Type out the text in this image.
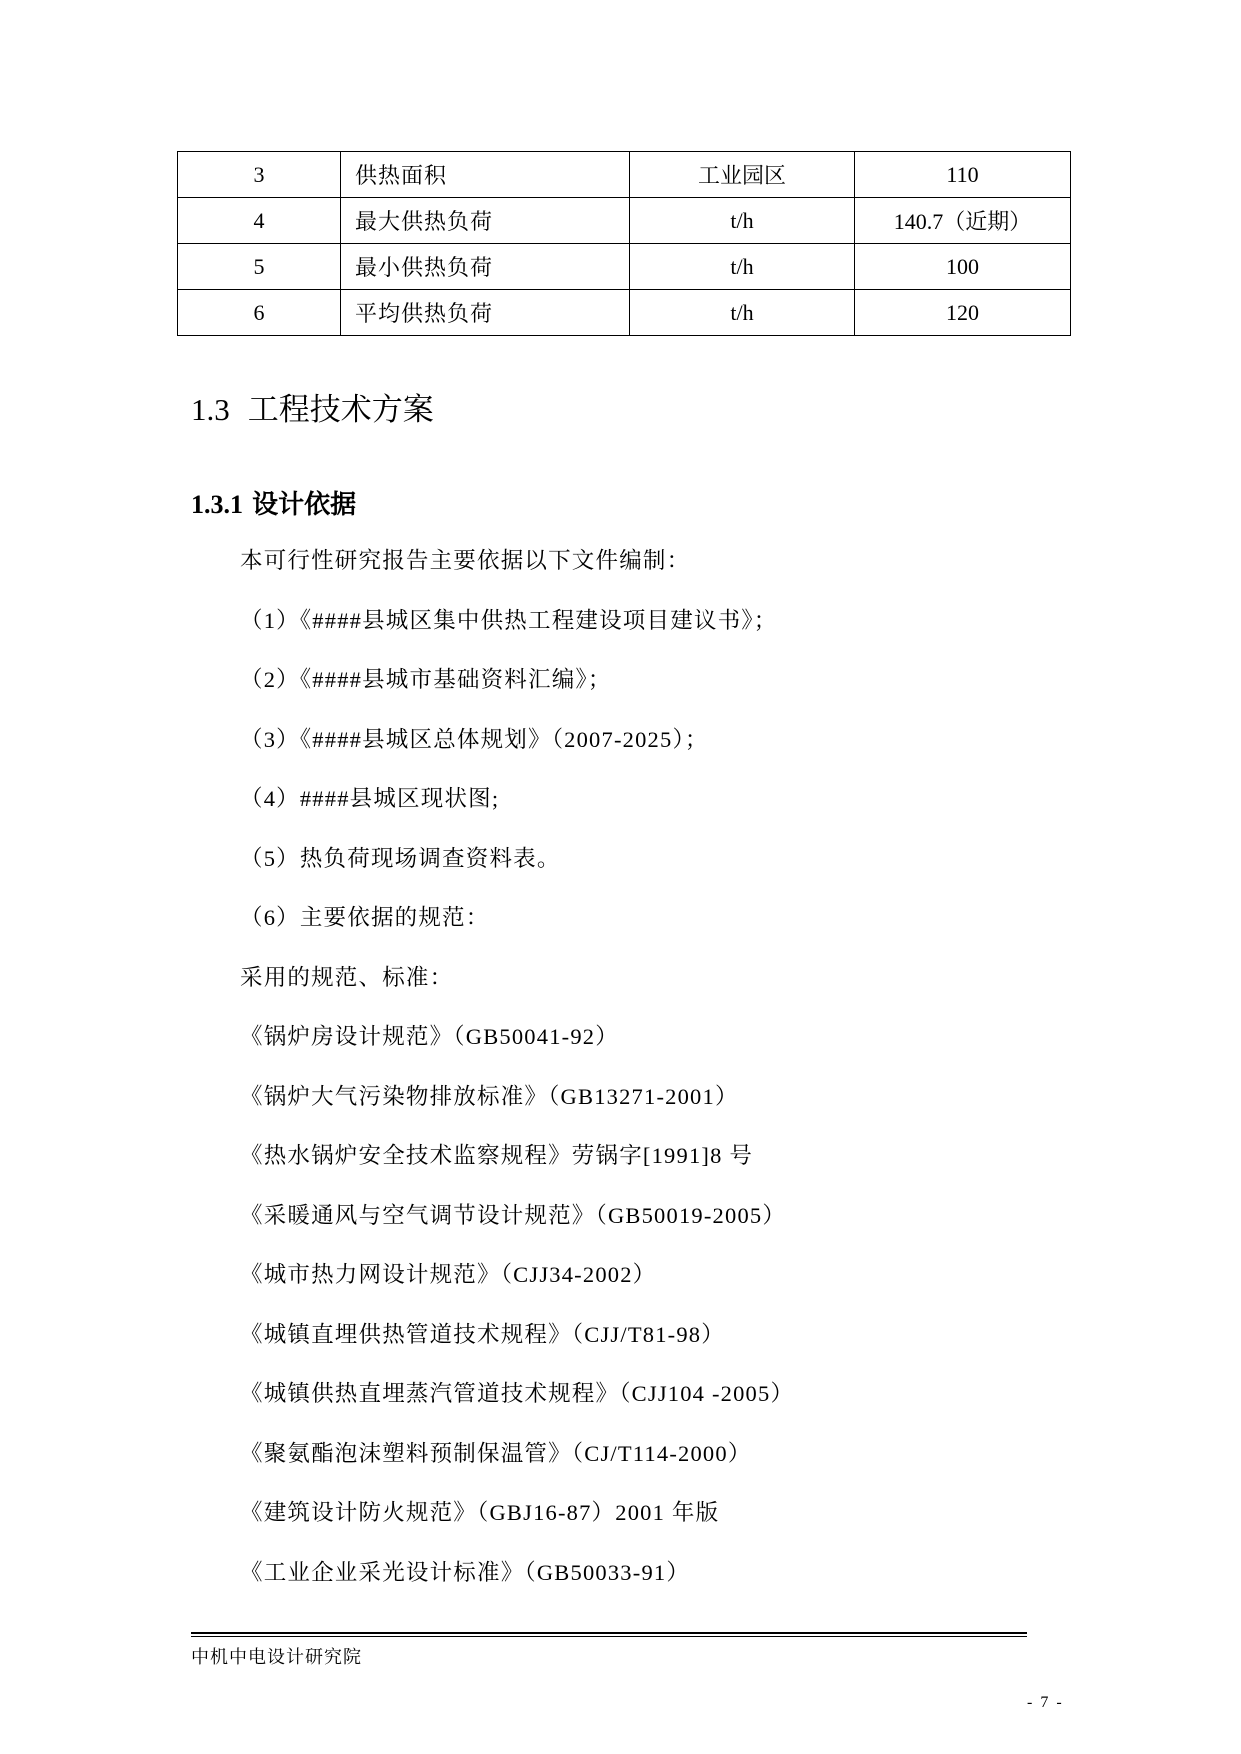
3	供热面积	工业园区	110
4	最大供热负荷	t/h	140.7（近期）
5	最小供热负荷	t/h	100
6	平均供热负荷	t/h	120
1.3 工程技术方案
1.3.1 设计依据
本可行性研究报告主要依据以下文件编制：
（1）《####县城区集中供热工程建设项目建议书》；
（2）《####县城市基础资料汇编》；
（3）《####县城区总体规划》（2007-2025）；
（4）####县城区现状图;
（5）热负荷现场调查资料表。
（6）主要依据的规范：
采用的规范、标准：
《锅炉房设计规范》（GB50041-92）
《锅炉大气污染物排放标准》（GB13271-2001）
《热水锅炉安全技术监察规程》劳锅字[1991]8 号
《采暖通风与空气调节设计规范》（GB50019-2005）
《城市热力网设计规范》（CJJ34-2002）
《城镇直埋供热管道技术规程》（CJJ/T81-98）
《城镇供热直埋蒸汽管道技术规程》（CJJ104 -2005）
《聚氨酯泡沫塑料预制保温管》（CJ/T114-2000）
《建筑设计防火规范》（GBJ16-87）2001 年版
《工业企业采光设计标准》（GB50033-91）
中机中电设计研究院
- 7 -
